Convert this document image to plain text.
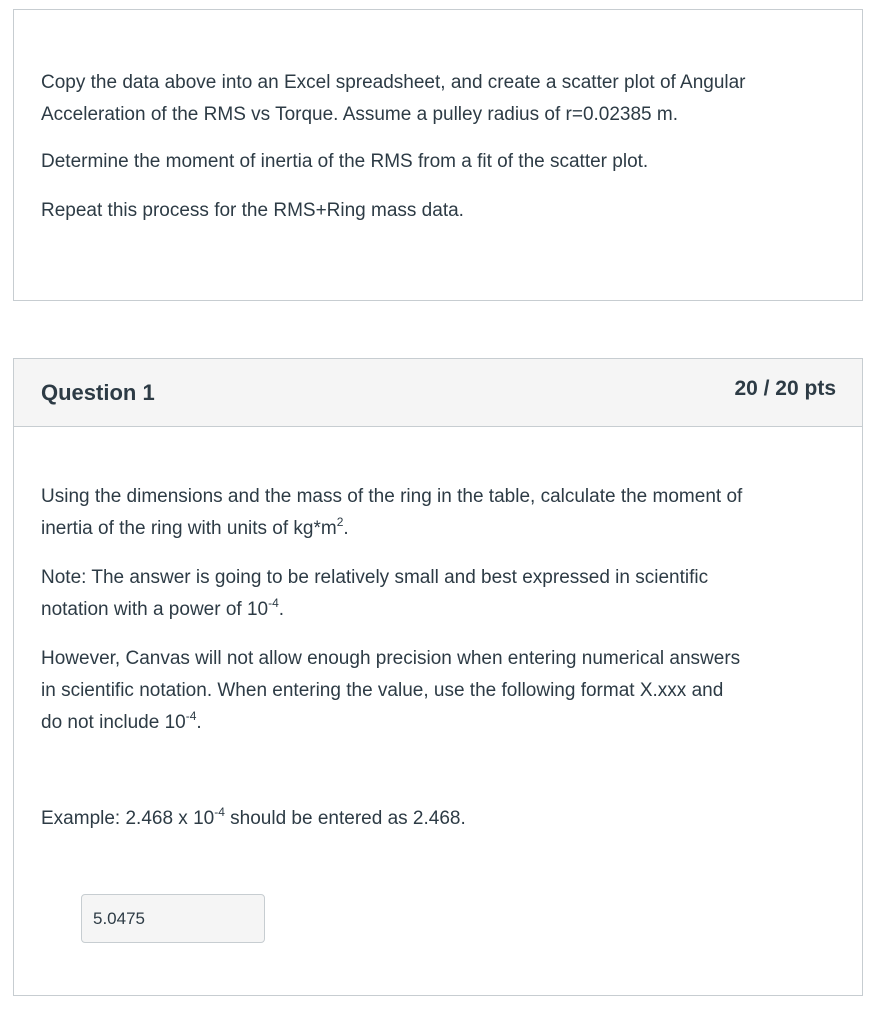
Copy the data above into an Excel spreadsheet, and create a scatter plot of Angular

Acceleration of the RMS vs Torque. Assume a pulley radius of r=0.02385 m.

Determine the moment of inertia of the RMS from a fit of the scatter plot.

Repeat this process for the RMS+Ring mass data.

Question 1	20 / 20 pts

Using the dimensions and the mass of the ring in the table, calculate the moment of

inertia of the ring with units of $kg*m^2$.

Note: The answer is going to be relatively small and best expressed in scientific

notation with a power of $10^{-4}$.

However, Canvas will not allow enough precision when entering numerical answers

in scientific notation. When entering the value, use the following format X.xxx and

do not include $10^{-4}$.

Example: 2.468 x $10^{-4}$ should be entered as 2.468.

5.0475
